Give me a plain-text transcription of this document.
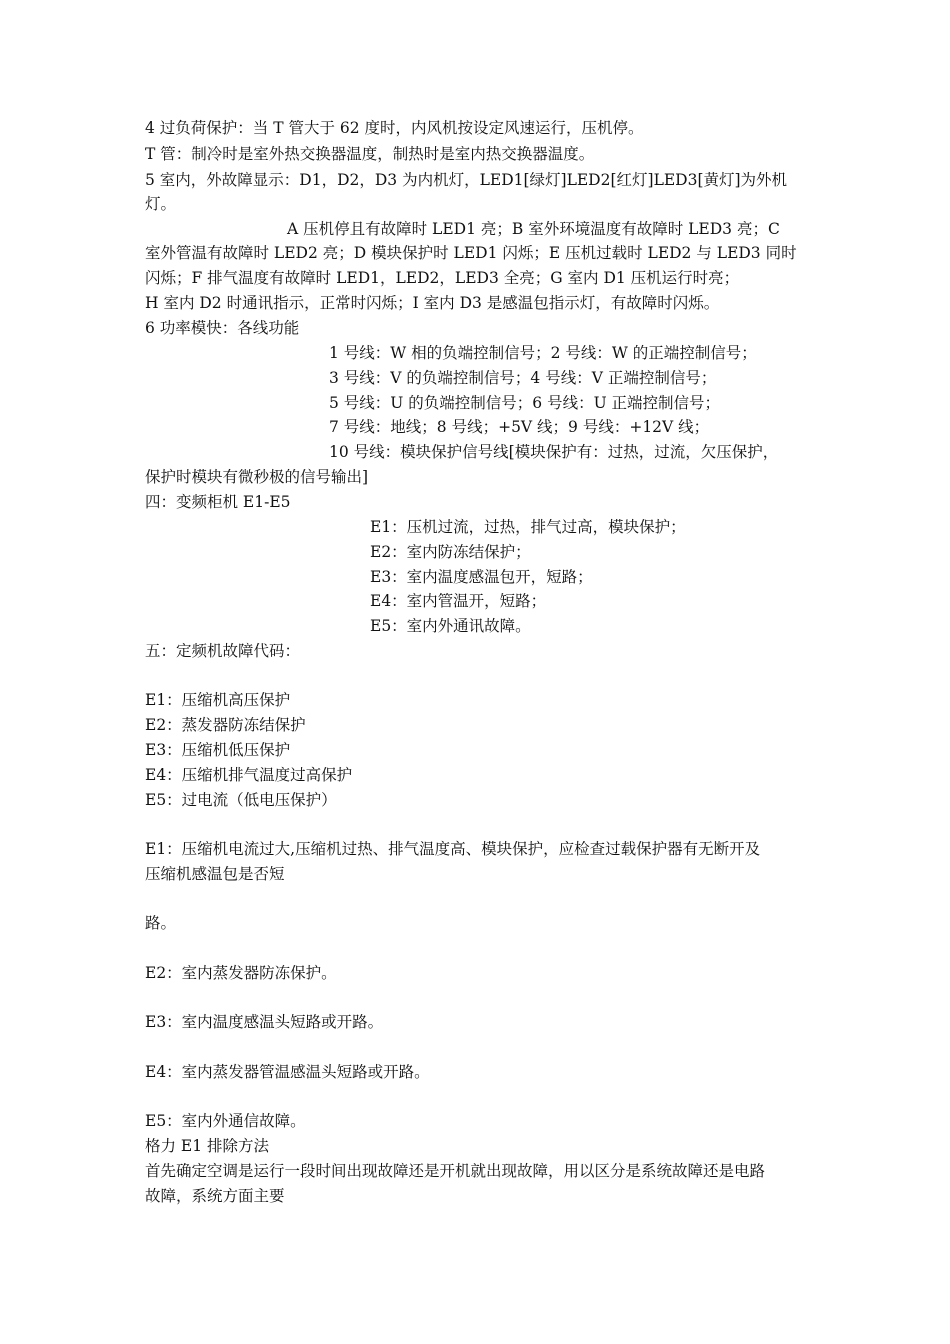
4 过负荷保护：当 T 管大于 62 度时，内风机按设定风速运行，压机停。
T 管：制冷时是室外热交换器温度，制热时是室内热交换器温度。
5 室内，外故障显示：D1，D2，D3 为内机灯，LED1[绿灯]LED2[红灯]LED3[黄灯]为外机
灯。
A 压机停且有故障时 LED1 亮；B 室外环境温度有故障时 LED3 亮；C
室外管温有故障时 LED2 亮；D 模块保护时 LED1 闪烁；E 压机过载时 LED2 与 LED3 同时
闪烁；F 排气温度有故障时 LED1，LED2，LED3 全亮；G 室内 D1 压机运行时亮；
H 室内 D2 时通讯指示，正常时闪烁；I 室内 D3 是感温包指示灯，有故障时闪烁。
6 功率模快：各线功能
1 号线：W 相的负端控制信号；2 号线：W 的正端控制信号；
3 号线：V 的负端控制信号；4 号线：V 正端控制信号；
5 号线：U 的负端控制信号；6 号线：U 正端控制信号；
7 号线：地线；8 号线；+5V 线；9 号线：+12V 线；
10 号线：模块保护信号线[模块保护有：过热，过流，欠压保护，
保护时模块有微秒极的信号输出]
四：变频柜机 E1-E5
E1：压机过流，过热，排气过高，模块保护；
E2：室内防冻结保护；
E3：室内温度感温包开，短路；
E4：室内管温开，短路；
E5：室内外通讯故障。
五：定频机故障代码：
E1：压缩机高压保护
E2：蒸发器防冻结保护
E3：压缩机低压保护
E4：压缩机排气温度过高保护
E5：过电流（低电压保护）
E1：压缩机电流过大,压缩机过热、排气温度高、模块保护，应检查过载保护器有无断开及
压缩机感温包是否短
路。
E2：室内蒸发器防冻保护。
E3：室内温度感温头短路或开路。
E4：室内蒸发器管温感温头短路或开路。
E5：室内外通信故障。
格力 E1 排除方法
首先确定空调是运行一段时间出现故障还是开机就出现故障，用以区分是系统故障还是电路
故障，系统方面主要
